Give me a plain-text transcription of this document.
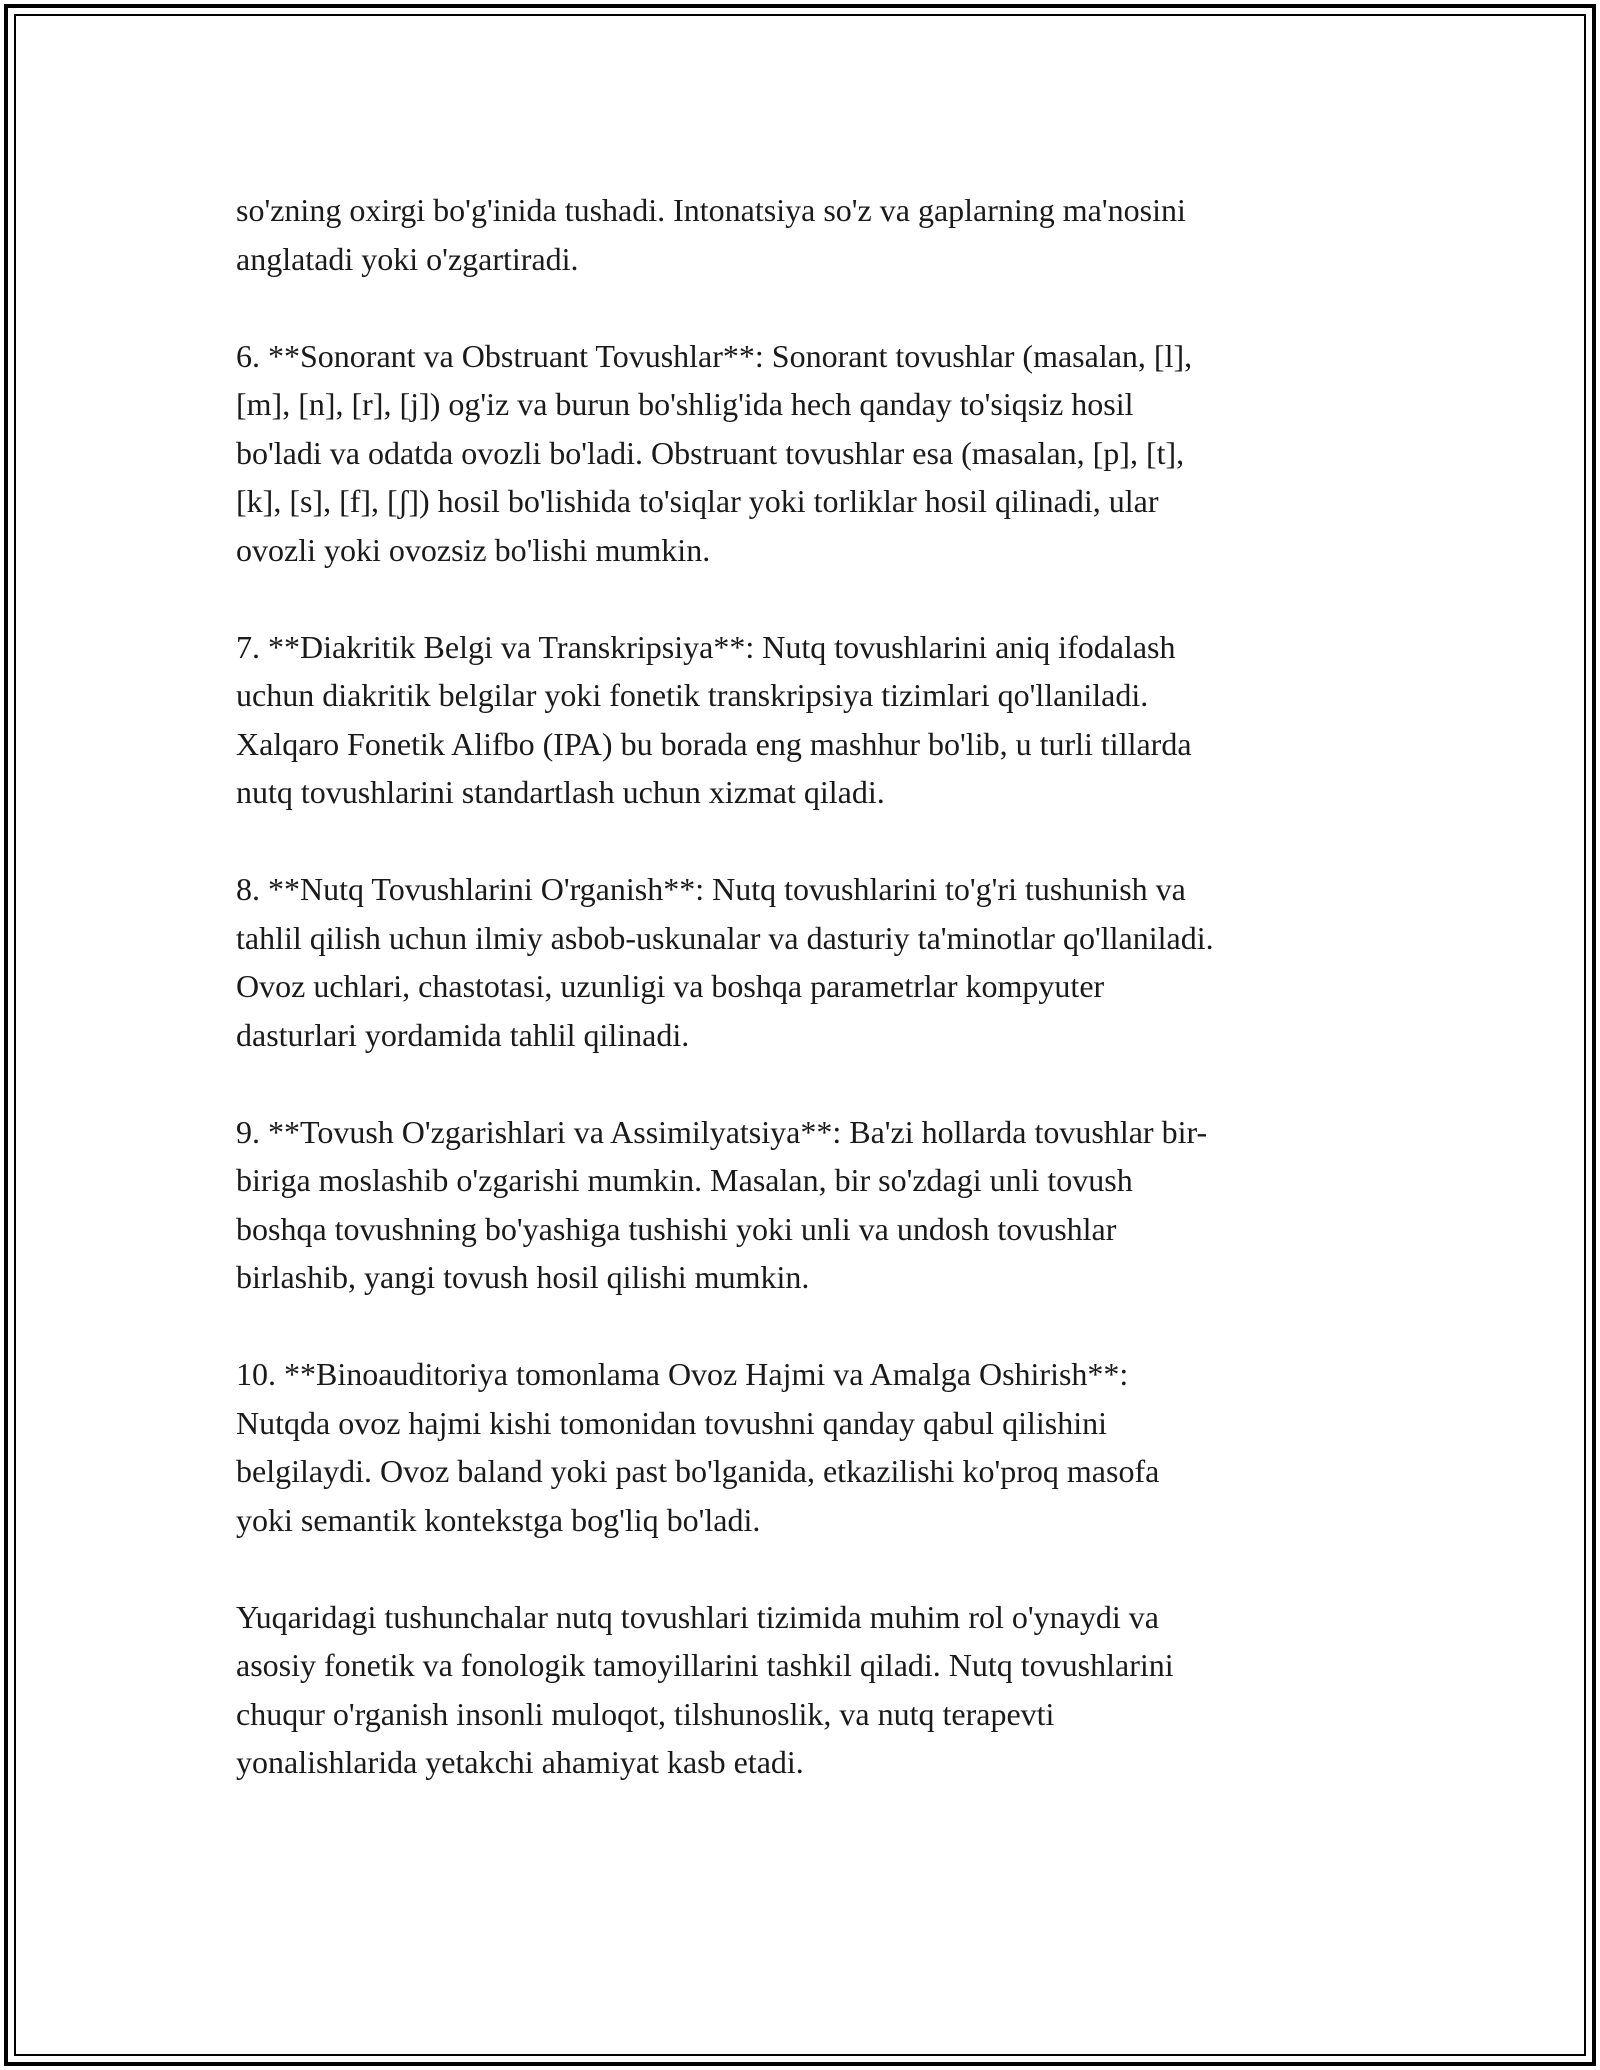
so'zning oxirgi bo'g'inida tushadi. Intonatsiya so'z va gaplarning ma'nosini
anglatadi yoki o'zgartiradi.

6. **Sonorant va Obstruant Tovushlar**: Sonorant tovushlar (masalan, [l],
[m], [n], [r], [j]) og'iz va burun bo'shlig'ida hech qanday to'siqsiz hosil
bo'ladi va odatda ovozli bo'ladi. Obstruant tovushlar esa (masalan, [p], [t],
[k], [s], [f], [ʃ]) hosil bo'lishida to'siqlar yoki torliklar hosil qilinadi, ular
ovozli yoki ovozsiz bo'lishi mumkin.

7. **Diakritik Belgi va Transkripsiya**: Nutq tovushlarini aniq ifodalash
uchun diakritik belgilar yoki fonetik transkripsiya tizimlari qo'llaniladi.
Xalqaro Fonetik Alifbo (IPA) bu borada eng mashhur bo'lib, u turli tillarda
nutq tovushlarini standartlash uchun xizmat qiladi.

8. **Nutq Tovushlarini O'rganish**: Nutq tovushlarini to'g'ri tushunish va
tahlil qilish uchun ilmiy asbob-uskunalar va dasturiy ta'minotlar qo'llaniladi.
Ovoz uchlari, chastotasi, uzunligi va boshqa parametrlar kompyuter
dasturlari yordamida tahlil qilinadi.

9. **Tovush O'zgarishlari va Assimilyatsiya**: Ba'zi hollarda tovushlar bir-
biriga moslashib o'zgarishi mumkin. Masalan, bir so'zdagi unli tovush
boshqa tovushning bo'yashiga tushishi yoki unli va undosh tovushlar
birlashib, yangi tovush hosil qilishi mumkin.

10. **Binoauditoriya tomonlama Ovoz Hajmi va Amalga Oshirish**:
Nutqda ovoz hajmi kishi tomonidan tovushni qanday qabul qilishini
belgilaydi. Ovoz baland yoki past bo'lganida, etkazilishi ko'proq masofa
yoki semantik kontekstga bog'liq bo'ladi.

Yuqaridagi tushunchalar nutq tovushlari tizimida muhim rol o'ynaydi va
asosiy fonetik va fonologik tamoyillarini tashkil qiladi. Nutq tovushlarini
chuqur o'rganish insonli muloqot, tilshunoslik, va nutq terapevti
yonalishlarida yetakchi ahamiyat kasb etadi.
